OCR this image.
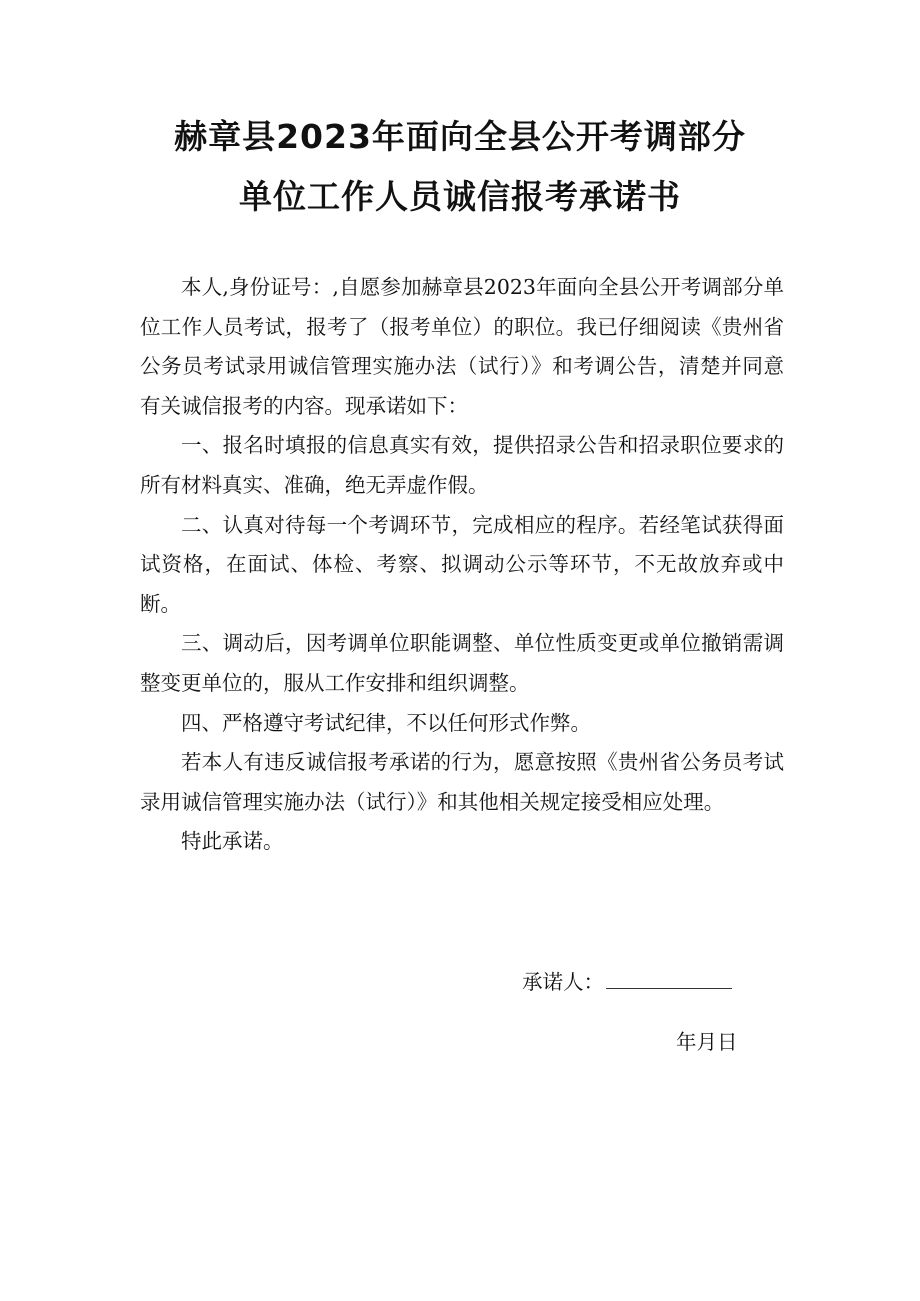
赫章县2023年面向全县公开考调部分
单位工作人员诚信报考承诺书

本人,身份证号：,自愿参加赫章县2023年面向全县公开考调部分单位工作人员考试，报考了（报考单位）的职位。我已仔细阅读《贵州省公务员考试录用诚信管理实施办法（试行）》和考调公告，清楚并同意有关诚信报考的内容。现承诺如下：

一、报名时填报的信息真实有效，提供招录公告和招录职位要求的所有材料真实、准确，绝无弄虚作假。

二、认真对待每一个考调环节，完成相应的程序。若经笔试获得面试资格，在面试、体检、考察、拟调动公示等环节，不无故放弃或中断。

三、调动后，因考调单位职能调整、单位性质变更或单位撤销需调整变更单位的，服从工作安排和组织调整。

四、严格遵守考试纪律，不以任何形式作弊。

若本人有违反诚信报考承诺的行为，愿意按照《贵州省公务员考试录用诚信管理实施办法（试行）》和其他相关规定接受相应处理。

特此承诺。

承诺人：
年月日
